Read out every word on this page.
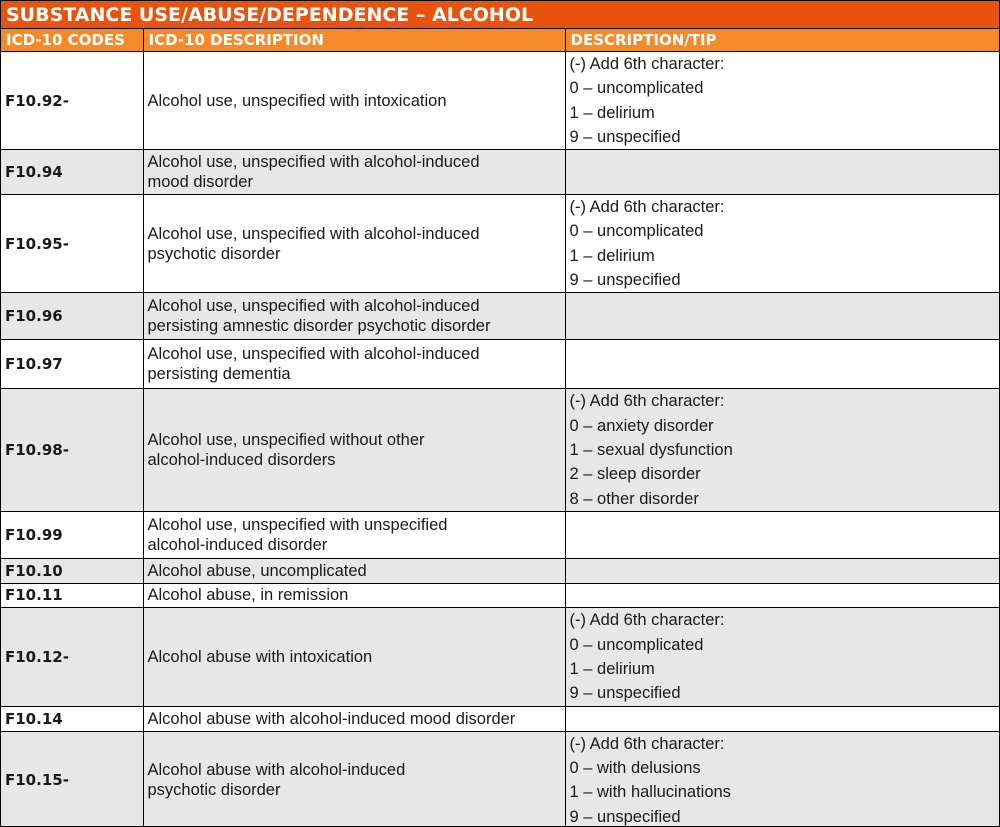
SUBSTANCE USE/ABUSE/DEPENDENCE – ALCOHOL
ICD-10 CODES	ICD-10 DESCRIPTION	DESCRIPTION/TIP
F10.92-	Alcohol use, unspecified with intoxication	(-) Add 6th character:
0 – uncomplicated
1 – delirium
9 – unspecified

F10.94	Alcohol use, unspecified with alcohol-induced mood disorder	

F10.95-	Alcohol use, unspecified with alcohol-induced psychotic disorder	(-) Add 6th character:
0 – uncomplicated
1 – delirium
9 – unspecified

F10.96	Alcohol use, unspecified with alcohol-induced persisting amnestic disorder psychotic disorder	

F10.97	Alcohol use, unspecified with alcohol-induced persisting dementia	

F10.98-	Alcohol use, unspecified without other alcohol-induced disorders	(-) Add 6th character:
0 – anxiety disorder
1 – sexual dysfunction
2 – sleep disorder
8 – other disorder

F10.99	Alcohol use, unspecified with unspecified alcohol-induced disorder	

F10.10	Alcohol abuse, uncomplicated	

F10.11	Alcohol abuse, in remission	

F10.12-	Alcohol abuse with intoxication	(-) Add 6th character:
0 – uncomplicated
1 – delirium
9 – unspecified

F10.14	Alcohol abuse with alcohol-induced mood disorder	

F10.15-	Alcohol abuse with alcohol-induced psychotic disorder	(-) Add 6th character:
0 – with delusions
1 – with hallucinations
9 – unspecified
